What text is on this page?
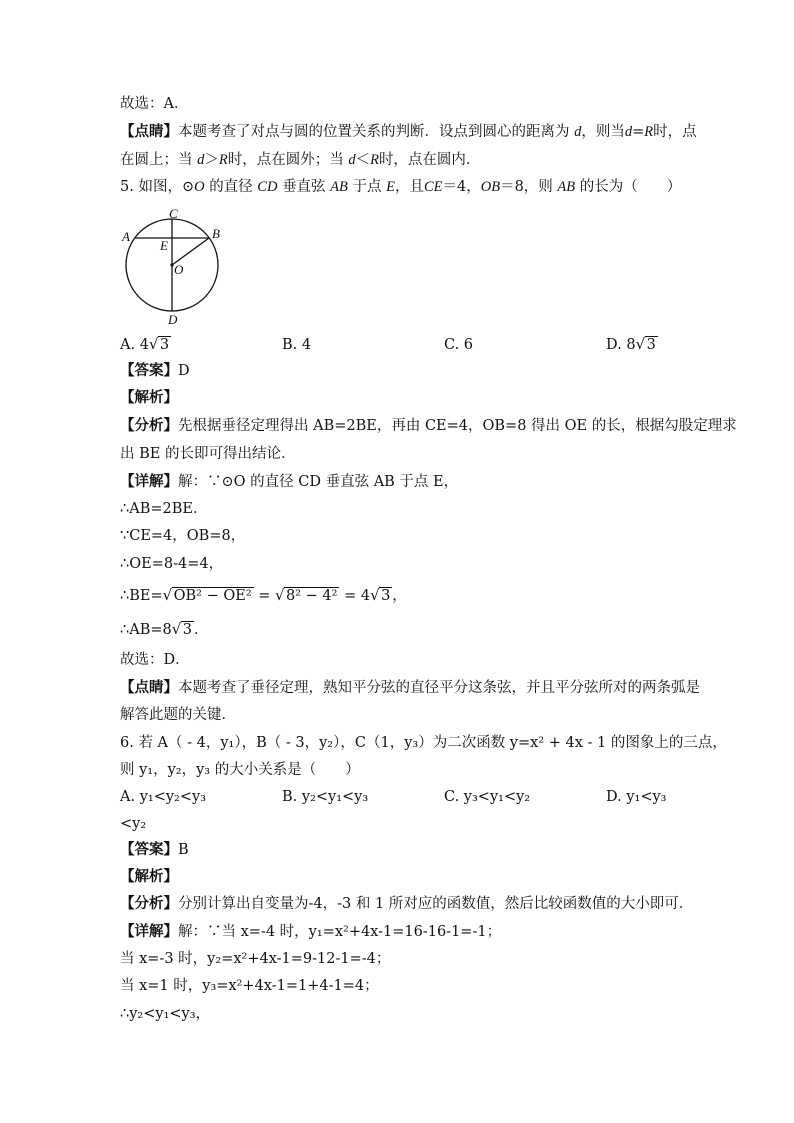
故选：A．
【点睛】本题考查了对点与圆的位置关系的判断．设点到圆心的距离为 d，则当d=R时，点
在圆上；当 d＞R时，点在圆外；当 d＜R时，点在圆内．
5. 如图，⊙O 的直径 CD 垂直弦 AB 于点 E，且CE＝4，OB＝8，则 AB 的长为（　　）
C
A	B
E
O
D
A. 4 √ 3	B. 4	C. 6	D. 8 √ 3
【答案】D
【解析】
【分析】先根据垂径定理得出 AB=2BE，再由 CE=4，OB=8 得出 OE 的长，根据勾股定理求
出 BE 的长即可得出结论．
【详解】解：∵⊙O 的直径 CD 垂直弦 AB 于点 E，
∴AB=2BE．
∵CE=4，OB=8，
∴OE=8-4=4，
∴BE= √ OB² − OE² = √ 8² − 4² = 4 √ 3 ，
∴AB=8 √ 3 ．
故选：D．
【点睛】本题考查了垂径定理，熟知平分弦的直径平分这条弦，并且平分弦所对的两条弧是
解答此题的关键．
6. 若 A（ - 4，y₁），B（ - 3，y₂），C（1，y₃）为二次函数 y=x² + 4x - 1 的图象上的三点，
则 y₁，y₂，y₃ 的大小关系是（　　）
A. y₁<y₂<y₃	B. y₂<y₁<y₃	C. y₃<y₁<y₂	D. y₁<y₃
<y₂
【答案】B
【解析】
【分析】分别计算出自变量为-4，-3 和 1 所对应的函数值，然后比较函数值的大小即可．
【详解】解：∵当 x=-4 时，y₁=x²+4x-1=16-16-1=-1；
当 x=-3 时，y₂=x²+4x-1=9-12-1=-4；
当 x=1 时，y₃=x²+4x-1=1+4-1=4；
∴y₂<y₁<y₃，
